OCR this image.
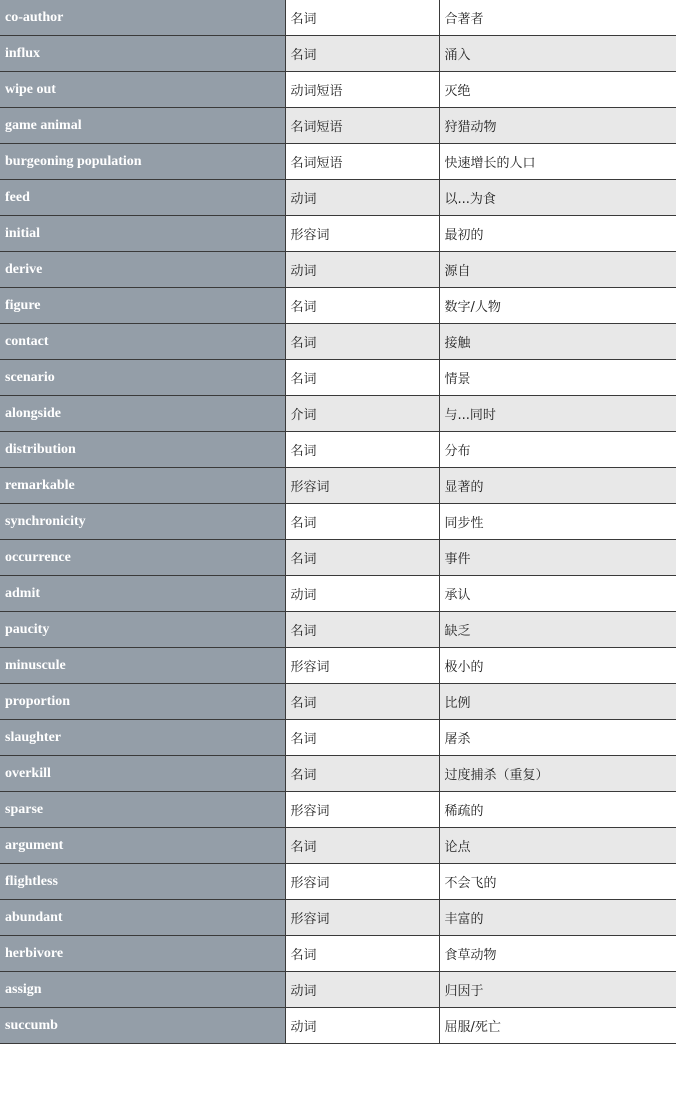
co-author	名词	合著者
influx	名词	涌入
wipe out	动词短语	灭绝
game animal	名词短语	狩猎动物
burgeoning population	名词短语	快速增长的人口
feed	动词	以...为食
initial	形容词	最初的
derive	动词	源自
figure	名词	数字/人物
contact	名词	接触
scenario	名词	情景
alongside	介词	与...同时
distribution	名词	分布
remarkable	形容词	显著的
synchronicity	名词	同步性
occurrence	名词	事件
admit	动词	承认
paucity	名词	缺乏
minuscule	形容词	极小的
proportion	名词	比例
slaughter	名词	屠杀
overkill	名词	过度捕杀（重复）
sparse	形容词	稀疏的
argument	名词	论点
flightless	形容词	不会飞的
abundant	形容词	丰富的
herbivore	名词	食草动物
assign	动词	归因于
succumb	动词	屈服/死亡
